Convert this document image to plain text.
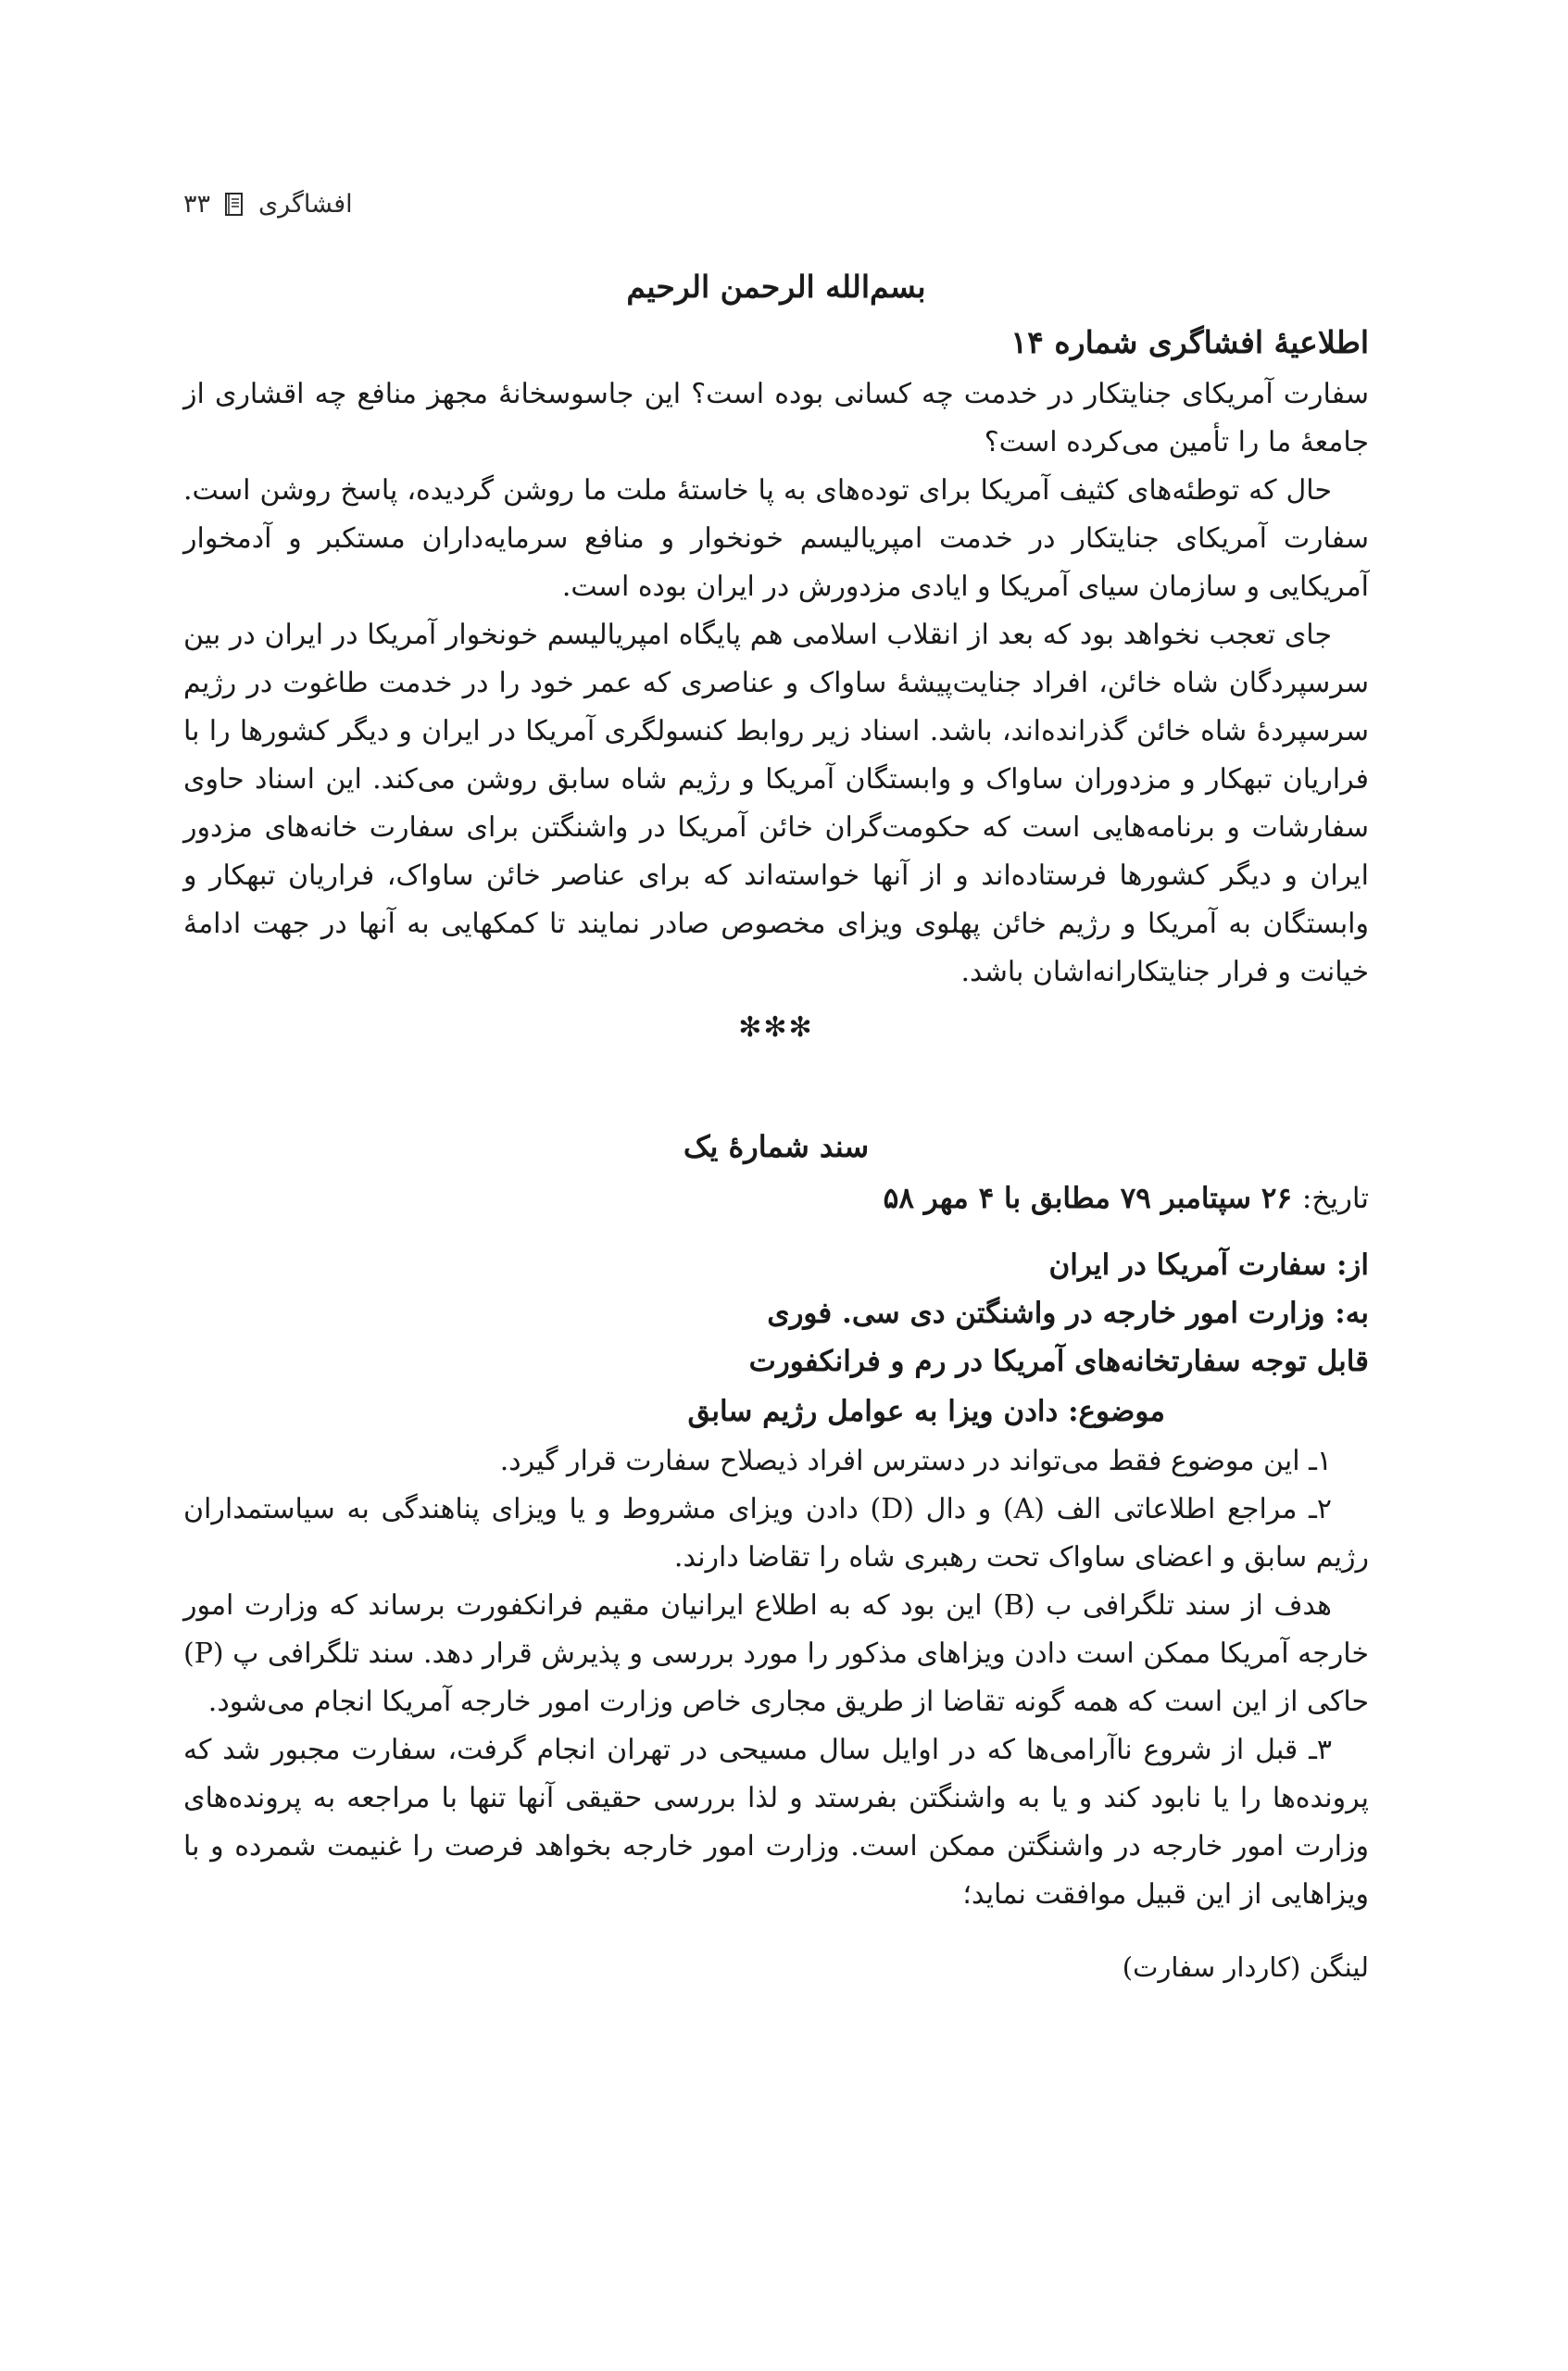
۳۳ افشاگری

بسم‌الله الرحمن الرحیم

اطلاعیۀ افشاگری شماره ۱۴

سفارت آمریکای جنایتکار در خدمت چه کسانی بوده است؟ این جاسوسخانۀ مجهز منافع چه اقشاری از جامعۀ ما را تأمین می‌کرده است؟

حال که توطئه‌های کثیف آمریکا برای توده‌های به پا خاستۀ ملت ما روشن گردیده، پاسخ روشن است. سفارت آمریکای جنایتکار در خدمت امپریالیسم خونخوار و منافع سرمایه‌داران مستکبر و آدمخوار آمریکایی و سازمان سیای آمریکا و ایادی مزدورش در ایران بوده است.

جای تعجب نخواهد بود که بعد از انقلاب اسلامی هم پایگاه امپریالیسم خونخوار آمریکا در ایران در بین سرسپردگان شاه خائن، افراد جنایت‌پیشۀ ساواک و عناصری که عمر خود را در خدمت طاغوت در رژیم سرسپردۀ شاه خائن گذرانده‌اند، باشد. اسناد زیر روابط کنسولگری آمریکا در ایران و دیگر کشورها را با فراریان تبهکار و مزدوران ساواک و وابستگان آمریکا و رژیم شاه سابق روشن می‌کند. این اسناد حاوی سفارشات و برنامه‌هایی است که حکومت‌گران خائن آمریکا در واشنگتن برای سفارت خانه‌های مزدور ایران و دیگر کشورها فرستاده‌اند و از آنها خواسته‌اند که برای عناصر خائن ساواک، فراریان تبهکار و وابستگان به آمریکا و رژیم خائن پهلوی ویزای مخصوص صادر نمایند تا کمکهایی به آنها در جهت ادامۀ خیانت و فرار جنایتکارانه‌اشان باشد.

✻✻✻

سند شمارۀ یک

تاریخ: ۲۶ سپتامبر ۷۹ مطابق با ۴ مهر ۵۸

از: سفارت آمریکا در ایران

به: وزارت امور خارجه در واشنگتن دی سی. فوری

قابل توجه سفارتخانه‌های آمریکا در رم و فرانکفورت

موضوع: دادن ویزا به عوامل رژیم سابق

۱ـ این موضوع فقط می‌تواند در دسترس افراد ذیصلاح سفارت قرار گیرد.

۲ـ مراجع اطلاعاتی الف (A) و دال (D) دادن ویزای مشروط و یا ویزای پناهندگی به سیاستمداران رژیم سابق و اعضای ساواک تحت رهبری شاه را تقاضا دارند.

هدف از سند تلگرافی ب (B) این بود که به اطلاع ایرانیان مقیم فرانکفورت برساند که وزارت امور خارجه آمریکا ممکن است دادن ویزاهای مذکور را مورد بررسی و پذیرش قرار دهد. سند تلگرافی پ (P) حاکی از این است که همه گونه تقاضا از طریق مجاری خاص وزارت امور خارجه آمریکا انجام می‌شود.

۳ـ قبل از شروع ناآرامی‌ها که در اوایل سال مسیحی در تهران انجام گرفت، سفارت مجبور شد که پرونده‌ها را یا نابود کند و یا به واشنگتن بفرستد و لذا بررسی حقیقی آنها تنها با مراجعه به پرونده‌های وزارت امور خارجه در واشنگتن ممکن است. وزارت امور خارجه بخواهد فرصت را غنیمت شمرده و با ویزاهایی از این قبیل موافقت نماید؛

لینگن (کاردار سفارت)
